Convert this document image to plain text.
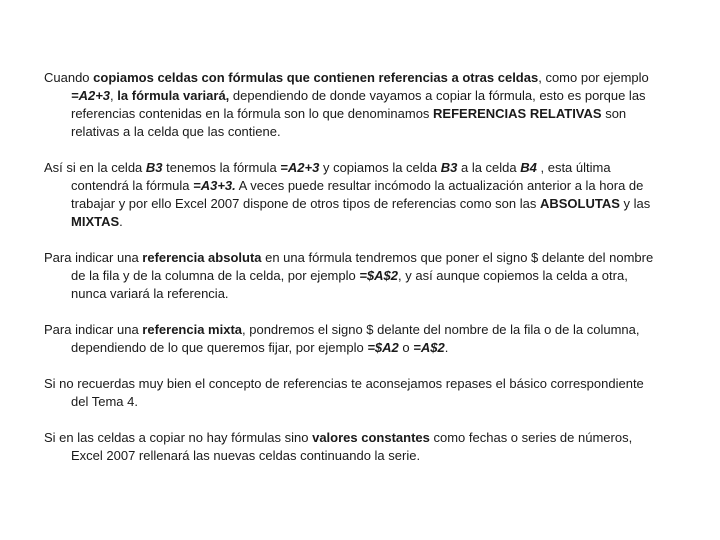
Cuando copiamos celdas con fórmulas que contienen referencias a otras celdas, como por ejemplo =A2+3, la fórmula variará, dependiendo de donde vayamos a copiar la fórmula, esto es porque las referencias contenidas en la fórmula son lo que denominamos REFERENCIAS RELATIVAS son relativas a la celda que las contiene.

Así si en la celda B3 tenemos la fórmula =A2+3 y copiamos la celda B3 a la celda B4 , esta última contendrá la fórmula =A3+3. A veces puede resultar incómodo la actualización anterior a la hora de trabajar y por ello Excel 2007 dispone de otros tipos de referencias como son las ABSOLUTAS y las MIXTAS.

Para indicar una referencia absoluta en una fórmula tendremos que poner el signo $ delante del nombre de la fila y de la columna de la celda, por ejemplo =$A$2, y así aunque copiemos la celda a otra, nunca variará la referencia.

Para indicar una referencia mixta, pondremos el signo $ delante del nombre de la fila o de la columna, dependiendo de lo que queremos fijar, por ejemplo =$A2 o =A$2.

Si no recuerdas muy bien el concepto de referencias te aconsejamos repases el básico correspondiente del Tema 4.

Si en las celdas a copiar no hay fórmulas sino valores constantes como fechas o series de números, Excel 2007 rellenará las nuevas celdas continuando la serie.
